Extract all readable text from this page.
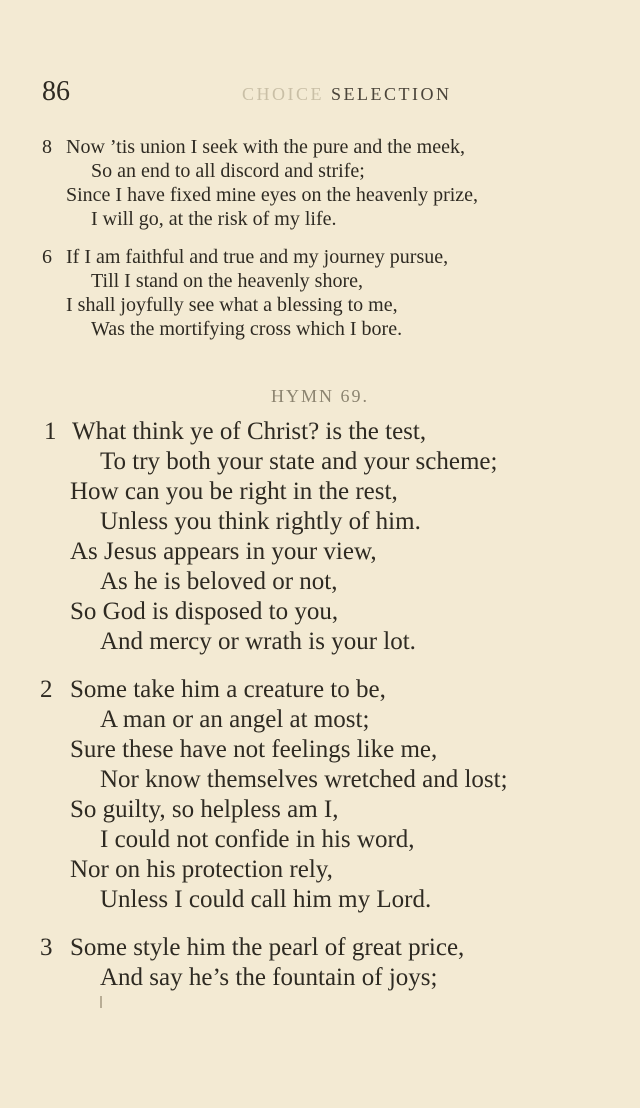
86	CHOICE SELECTION
8 Now ’tis union I seek with the pure and the meek,
So an end to all discord and strife;
Since I have fixed mine eyes on the heavenly prize,
I will go, at the risk of my life.
6 If I am faithful and true and my journey pursue,
Till I stand on the heavenly shore,
I shall joyfully see what a blessing to me,
Was the mortifying cross which I bore.
HYMN 69.
1 What think ye of Christ? is the test,
To try both your state and your scheme;
How can you be right in the rest,
Unless you think rightly of him.
As Jesus appears in your view,
As he is beloved or not,
So God is disposed to you,
And mercy or wrath is your lot.
2 Some take him a creature to be,
A man or an angel at most;
Sure these have not feelings like me,
Nor know themselves wretched and lost;
So guilty, so helpless am I,
I could not confide in his word,
Nor on his protection rely,
Unless I could call him my Lord.
3 Some style him the pearl of great price,
And say he’s the fountain of joys;
